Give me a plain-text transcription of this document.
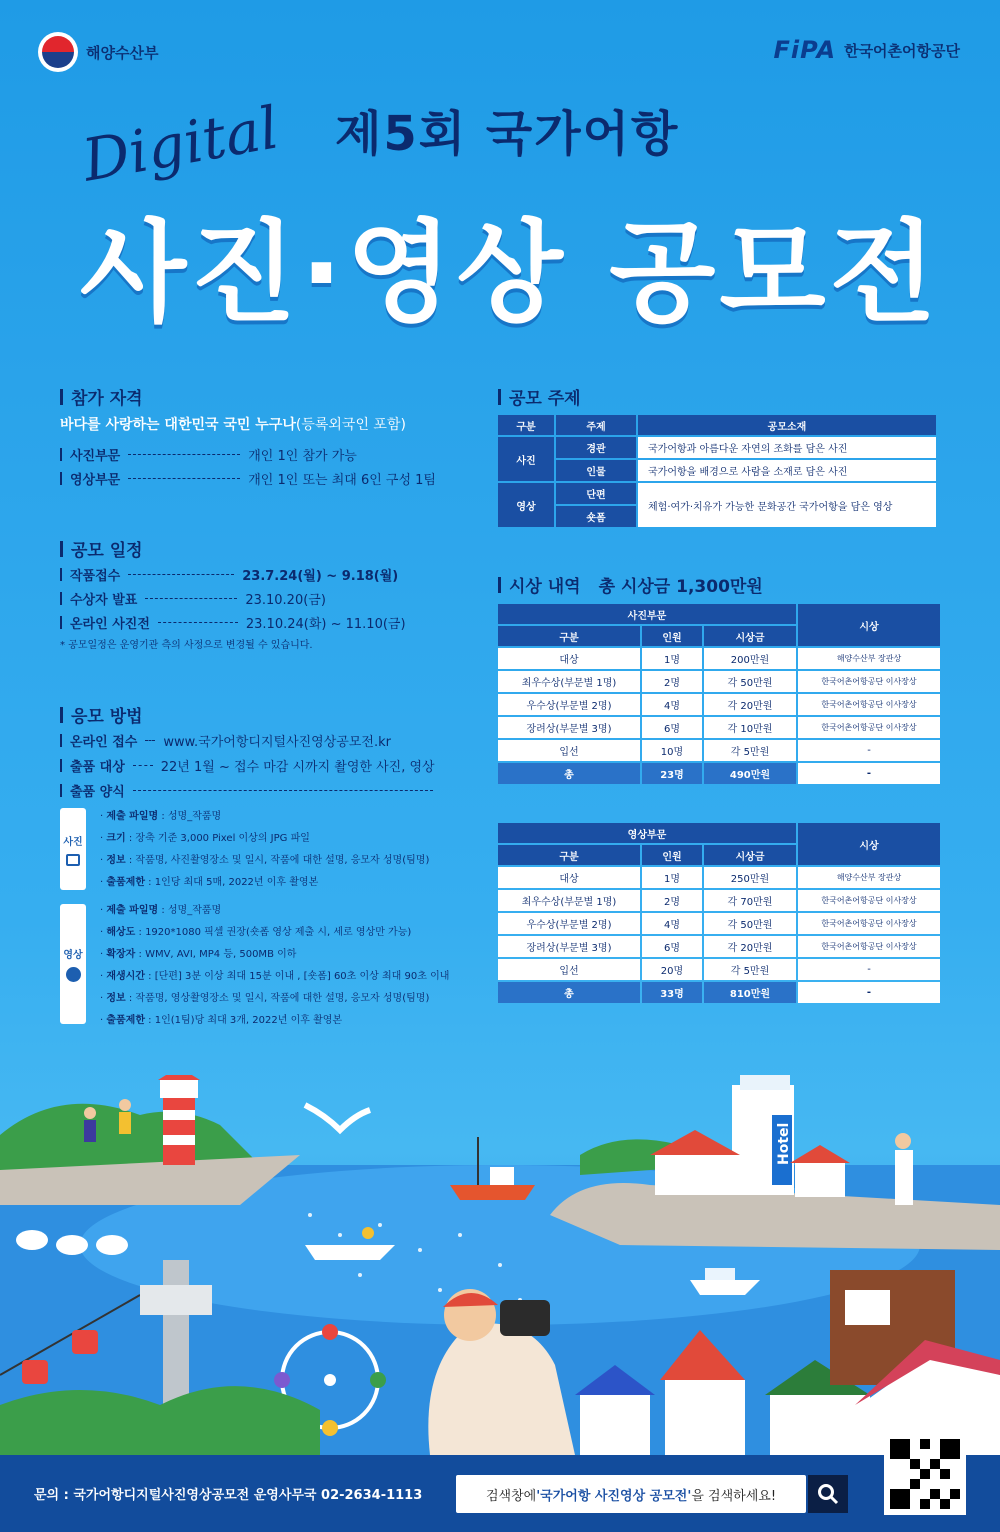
해양수산부	FiPA 한국어촌어항공단
Digital 제5회 국가어항
사진·영상 공모전
참가 자격
바다를 사랑하는 대한민국 국민 누구나(등록외국인 포함)
사진부문	개인 1인 참가 가능
영상부문	개인 1인 또는 최대 6인 구성 1팀
공모 일정
작품접수	23.7.24(월) ~ 9.18(월)
수상자 발표	23.10.20(금)
온라인 사진전	23.10.24(화) ~ 11.10(금)
* 공모일정은 운영기관 측의 사정으로 변경될 수 있습니다.
응모 방법
온라인 접수 www.국가어항디지털사진영상공모전.kr
출품 대상	22년 1월 ~ 접수 마감 시까지 촬영한 사진, 영상
출품 양식
사진
· 제출 파일명 : 성명_작품명
· 크기 : 장축 기준 3,000 Pixel 이상의 JPG 파일
· 정보 : 작품명, 사진촬영장소 및 일시, 작품에 대한 설명, 응모자 성명(팀명)
· 출품제한 : 1인당 최대 5매, 2022년 이후 촬영본
영상
· 제출 파일명 : 성명_작품명
· 해상도 : 1920*1080 픽셀 권장(숏폼 영상 제출 시, 세로 영상만 가능)
· 확장자 : WMV, AVI, MP4 등, 500MB 이하
· 재생시간 : [단편] 3분 이상 최대 15분 이내 , [숏폼] 60초 이상 최대 90초 이내
· 정보 : 작품명, 영상촬영장소 및 일시, 작품에 대한 설명, 응모자 성명(팀명)
· 출품제한 : 1인(1팀)당 최대 3개, 2022년 이후 촬영본
공모 주제
구분	주제	공모소재
사진	경관	국가어항과 아름다운 자연의 조화를 담은 사진
	인물	국가어항을 배경으로 사람을 소재로 담은 사진
영상	단편	체험·여가·치유가 가능한 문화공간 국가어항을 담은 영상
	숏폼	
시상 내역 총 시상금 1,300만원
사진부문			시상
구분	인원	시상금	
대상	1명	200만원	해양수산부 장관상
최우수상(부문별 1명)	2명	각 50만원	한국어촌어항공단 이사장상
우수상(부문별 2명)	4명	각 20만원	한국어촌어항공단 이사장상
장려상(부문별 3명)	6명	각 10만원	한국어촌어항공단 이사장상
입선	10명	각 5만원	-
총	23명	490만원	-
영상부문			시상
구분	인원	시상금	
대상	1명	250만원	해양수산부 장관상
최우수상(부문별 1명)	2명	각 70만원	한국어촌어항공단 이사장상
우수상(부문별 2명)	4명	각 50만원	한국어촌어항공단 이사장상
장려상(부문별 3명)	6명	각 20만원	한국어촌어항공단 이사장상
입선	20명	각 5만원	-
총	33명	810만원	-
Hotel
문의 : 국가어항디지털사진영상공모전 운영사무국 02-2634-1113	검색창에 '국가어항 사진영상 공모전' 을 검색하세요!
